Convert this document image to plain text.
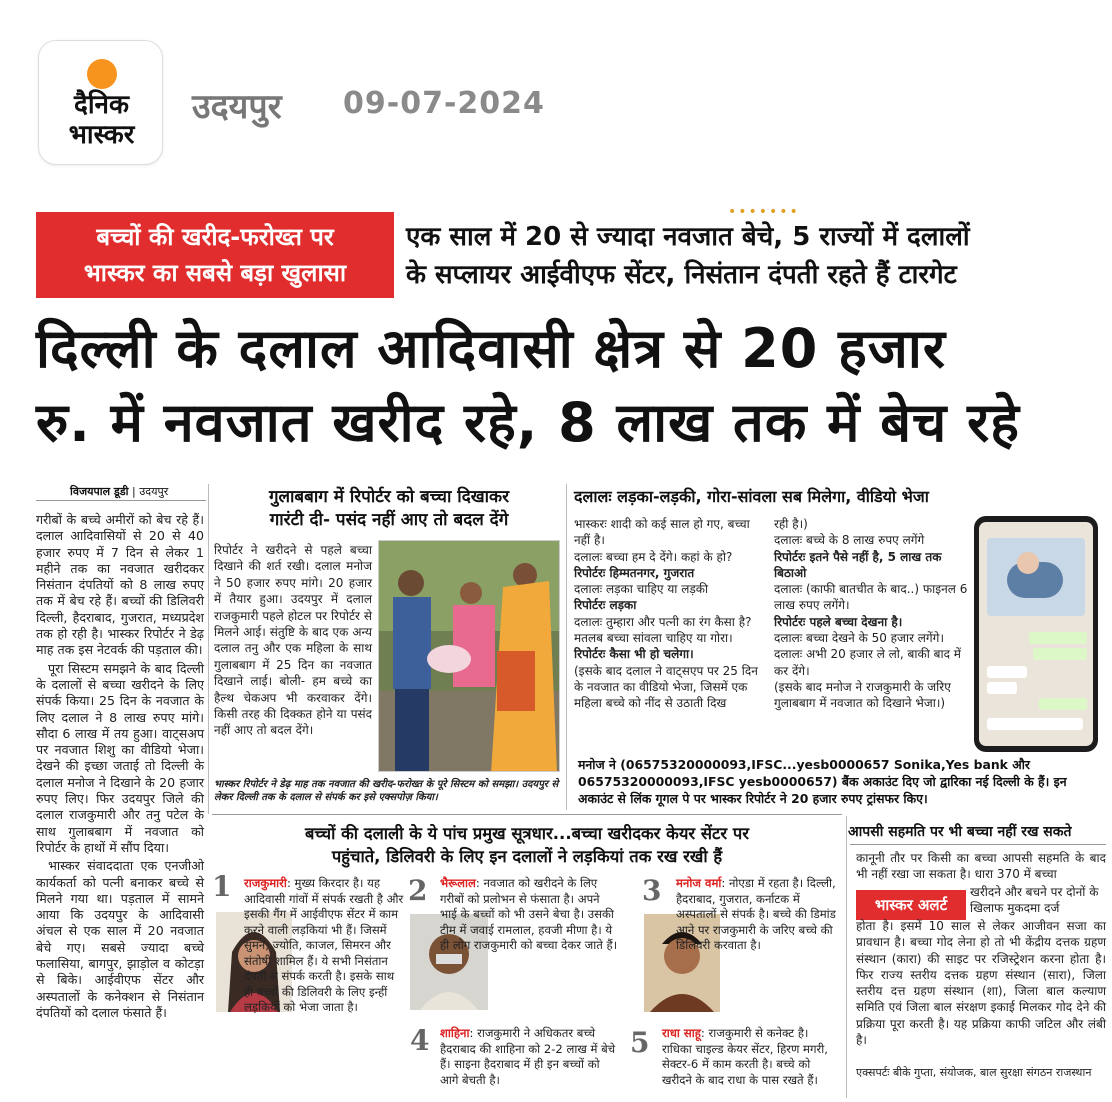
दैनिक
भास्कर
उदयपुर 09-07-2024
•••••••
बच्चों की खरीद-फरोख्त पर
भास्कर का सबसे बड़ा खुलासा
एक साल में 20 से ज्यादा नवजात बेचे, 5 राज्यों में दलालों
के सप्लायर आईवीएफ सेंटर, निसंतान दंपती रहते हैं टारगेट
दिल्ली के दलाल आदिवासी क्षेत्र से 20 हजार
रु. में नवजात खरीद रहे, 8 लाख तक में बेच रहे
विजयपाल डूडी | उदयपुर

गरीबों के बच्चे अमीरों को बेच रहे हैं। दलाल आदिवासियों से 20 से 40 हजार रुपए में 7 दिन से लेकर 1 महीने तक का नवजात खरीदकर निसंतान दंपतियों को 8 लाख रुपए तक में बेच रहे हैं। बच्चों की डिलिवरी दिल्ली, हैदराबाद, गुजरात, मध्यप्रदेश तक हो रही है। भास्कर रिपोर्टर ने डेढ़ माह तक इस नेटवर्क की पड़ताल की।

पूरा सिस्टम समझने के बाद दिल्ली के दलालों से बच्चा खरीदने के लिए संपर्क किया। 25 दिन के नवजात के लिए दलाल ने 8 लाख रुपए मांगे। सौदा 6 लाख में तय हुआ। वाट्सअप पर नवजात शिशु का वीडियो भेजा। देखने की इच्छा जताई तो दिल्ली के दलाल मनोज ने दिखाने के 20 हजार रुपए लिए। फिर उदयपुर जिले की दलाल राजकुमारी और तनु पटेल के साथ गुलाबबाग में नवजात को रिपोर्टर के हाथों में सौंप दिया।

भास्कर संवाददाता एक एनजीओ कार्यकर्ता को पत्नी बनाकर बच्चे से मिलने गया था। पड़ताल में सामने आया कि उदयपुर के आदिवासी अंचल से एक साल में 20 नवजात बेचे गए। सबसे ज्यादा बच्चे फलासिया, बागपुर, झाड़ोल व कोटड़ा से बिके। आईवीएफ सेंटर और अस्पतालों के कनेक्शन से निसंतान दंपतियों को दलाल फंसाते हैं।

गुलाबबाग में रिपोर्टर को बच्चा दिखाकर
गारंटी दी- पसंद नहीं आए तो बदल देंगे

रिपोर्टर ने खरीदने से पहले बच्चा दिखाने की शर्त रखी। दलाल मनोज ने 50 हजार रुपए मांगे। 20 हजार में तैयार हुआ। उदयपुर में दलाल राजकुमारी पहले होटल पर रिपोर्टर से मिलने आई। संतुष्टि के बाद एक अन्य दलाल तनु और एक महिला के साथ गुलाबबाग में 25 दिन का नवजात दिखाने लाई। बोली- हम बच्चे का हैल्थ चेकअप भी करवाकर देंगे। किसी तरह की दिक्कत होने या पसंद नहीं आए तो बदल देंगे।

भास्कर रिपोर्टर ने डेढ़ माह तक नवजात की खरीद-फरोख्त के पूरे सिस्टम को समझा। उदयपुर से लेकर दिल्ली तक के दलाल से संपर्क कर इसे एक्सपोज़ किया।
दलालः लड़का-लड़की, गोरा-सांवला सब मिलेगा, वीडियो भेजा
भास्करः शादी को कई साल हो गए, बच्चा नहीं है।
दलालः बच्चा हम दे देंगे। कहां के हो?
रिपोर्टरः हिम्मतनगर, गुजरात
दलालः लड़का चाहिए या लड़की
रिपोर्टरः लड़का
दलालः तुम्हारा और पत्नी का रंग कैसा है? मतलब बच्चा सांवला चाहिए या गोरा।
रिपोर्टरः कैसा भी हो चलेगा।
(इसके बाद दलाल ने वाट्सएप पर 25 दिन के नवजात का वीडियो भेजा, जिसमें एक महिला बच्चे को नींद से उठाती दिख
रही है।)
दलालः बच्चे के 8 लाख रुपए लगेंगे
रिपोर्टरः इतने पैसे नहीं है, 5 लाख तक बिठाओ
दलालः (काफी बातचीत के बाद..) फाइनल 6 लाख रुपए लगेंगे।
रिपोर्टरः पहले बच्चा देखना है।
दलालः बच्चा देखने के 50 हजार लगेंगे।
दलालः अभी 20 हजार ले लो, बाकी बाद में कर देंगे।
(इसके बाद मनोज ने राजकुमारी के जरिए गुलाबबाग में नवजात को दिखाने भेजा।)
मनोज ने (06575320000093,IFSC...yesb0000657 Sonika,Yes bank और 06575320000093,IFSC yesb0000657) बैंक अकाउंट दिए जो द्वारिका नई दिल्ली के हैं। इन अकाउंट से लिंक गूगल पे पर भास्कर रिपोर्टर ने 20 हजार रुपए ट्रांसफर किए।
बच्चों की दलाली के ये पांच प्रमुख सूत्रधार...बच्चा खरीदकर केयर सेंटर पर
पहुंचाते, डिलिवरी के लिए इन दलालों ने लड़कियां तक रख रखी हैं
1 राजकुमारी: मुख्य किरदार है। यह आदिवासी गांवों में संपर्क रखती है और इसकी गैंग में आईवीएफ सेंटर में काम करने वाली लड़कियां भी हैं। जिसमें सुमन, ज्योति, काजल, सिमरन और संतोषी शामिल हैं। ये सभी निसंतान दंपती से संपर्क करती है। इसके साथ ही बच्चों की डिलिवरी के लिए इन्हीं लड़कियों को भेजा जाता है।
2 भैरूलाल: नवजात को खरीदने के लिए गरीबों को प्रलोभन से फंसाता है। अपने भाई के बच्चों को भी उसने बेचा है। उसकी टीम में जवाई रामलाल, हवजी मीणा है। ये ही लोग राजकुमारी को बच्चा देकर जाते हैं।
3 मनोज वर्मा: नोएडा में रहता है। दिल्ली, हैदराबाद, गुजरात, कर्नाटक में अस्पतालों से संपर्क है। बच्चे की डिमांड आने पर राजकुमारी के जरिए बच्चे की डिलिवरी करवाता है।
4 शाहिना: राजकुमारी ने अधिकतर बच्चे हैदराबाद की शाहिना को 2-2 लाख में बेचे हैं। साइना हैदराबाद में ही इन बच्चों को आगे बेचती है।
5 राधा साहू: राजकुमारी से कनेक्ट है। राधिका चाइल्ड केयर सेंटर, हिरण मगरी, सेक्टर-6 में काम करती है। बच्चे को खरीदने के बाद राधा के पास रखते हैं।
आपसी सहमति पर भी बच्चा नहीं रख सकते
कानूनी तौर पर किसी का बच्चा आपसी सहमति के बाद भी नहीं रखा जा सकता है। धारा 370 में बच्चा
भास्कर अलर्ट
खरीदने और बचने पर दोनों के खिलाफ मुकदमा दर्ज
होता है। इसमें 10 साल से लेकर आजीवन सजा का प्रावधान है। बच्चा गोद लेना हो तो भी केंद्रीय दत्तक ग्रहण संस्थान (कारा) की साइट पर रजिस्ट्रेशन करना होता है। फिर राज्य स्तरीय दत्तक ग्रहण संस्थान (सारा), जिला स्तरीय दत्त ग्रहण संस्थान (शा), जिला बाल कल्याण समिति एवं जिला बाल संरक्षण इकाई मिलकर गोद देने की प्रक्रिया पूरा करती है। यह प्रक्रिया काफी जटिल और लंबी है।
एक्सपर्टः बीके गुप्ता, संयोजक, बाल सुरक्षा संगठन राजस्थान
